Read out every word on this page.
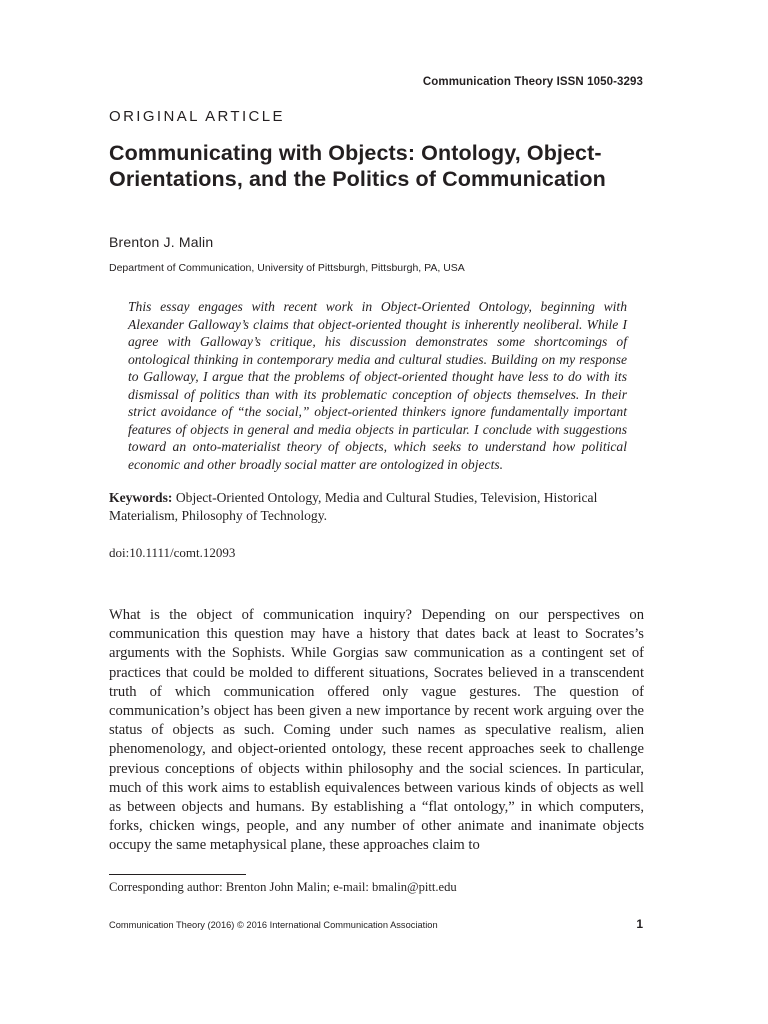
Communication Theory ISSN 1050-3293
ORIGINAL ARTICLE
Communicating with Objects: Ontology, Object-Orientations, and the Politics of Communication
Brenton J. Malin
Department of Communication, University of Pittsburgh, Pittsburgh, PA, USA

This essay engages with recent work in Object-Oriented Ontology, beginning with Alexander Galloway’s claims that object-oriented thought is inherently neoliberal. While I agree with Galloway’s critique, his discussion demonstrates some shortcomings of ontological thinking in contemporary media and cultural studies. Building on my response to Galloway, I argue that the problems of object-oriented thought have less to do with its dismissal of politics than with its problematic conception of objects themselves. In their strict avoidance of “the social,” object-oriented thinkers ignore fundamentally important features of objects in general and media objects in particular. I conclude with suggestions toward an onto-materialist theory of objects, which seeks to understand how political economic and other broadly social matter are ontologized in objects.

Keywords: Object-Oriented Ontology, Media and Cultural Studies, Television, Historical Materialism, Philosophy of Technology.

doi:10.1111/comt.12093

What is the object of communication inquiry? Depending on our perspectives on communication this question may have a history that dates back at least to Socrates’s arguments with the Sophists. While Gorgias saw communication as a contingent set of practices that could be molded to different situations, Socrates believed in a transcendent truth of which communication offered only vague gestures. The question of communication’s object has been given a new importance by recent work arguing over the status of objects as such. Coming under such names as speculative realism, alien phenomenology, and object-oriented ontology, these recent approaches seek to challenge previous conceptions of objects within philosophy and the social sciences. In particular, much of this work aims to establish equivalences between various kinds of objects as well as between objects and humans. By establishing a “flat ontology,” in which computers, forks, chicken wings, people, and any number of other animate and inanimate objects occupy the same metaphysical plane, these approaches claim to

Corresponding author: Brenton John Malin; e-mail: bmalin@pitt.edu
Communication Theory (2016) © 2016 International Communication Association	1
